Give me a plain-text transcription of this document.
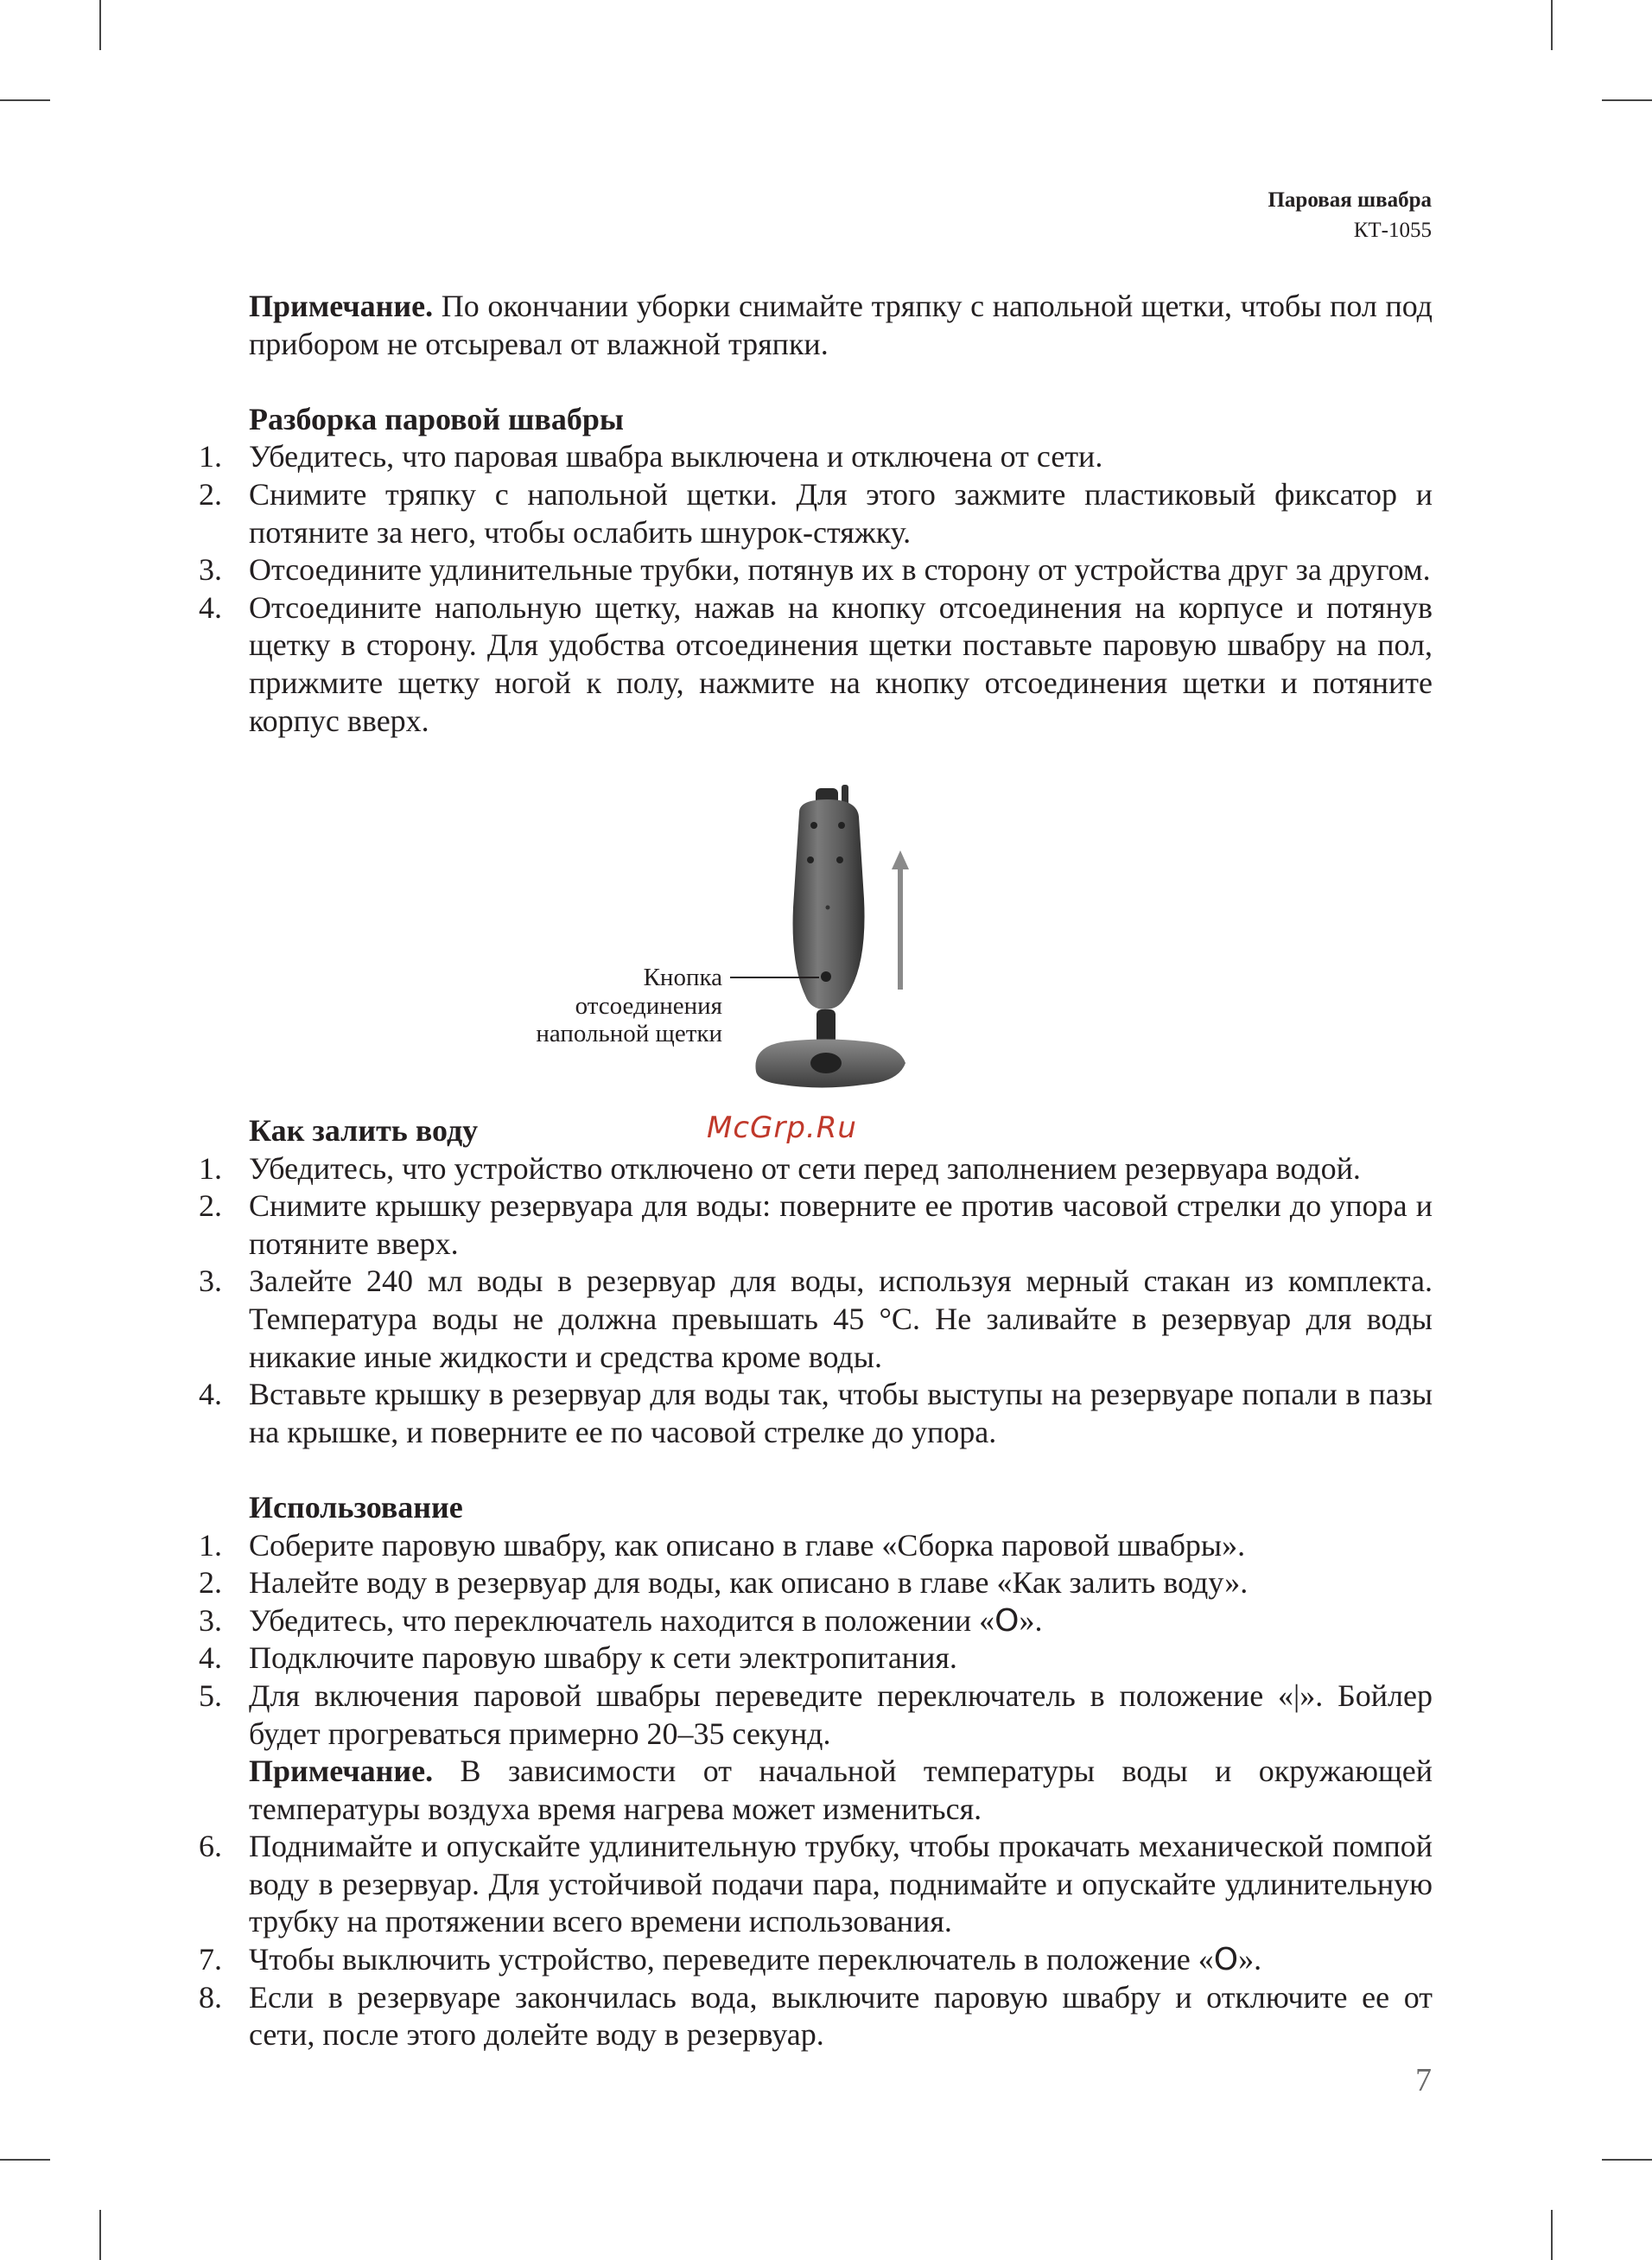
Паровая швабра
КТ-1055

Примечание. По окончании уборки снимайте тряпку с напольной щетки, чтобы пол под прибором не отсыревал от влажной тряпки.

Разборка паровой швабры

1. Убедитесь, что паровая швабра выключена и отключена от сети.
2. Снимите тряпку с напольной щетки. Для этого зажмите пластиковый фиксатор и потяните за него, чтобы ослабить шнурок-стяжку.
3. Отсоедините удлинительные трубки, потянув их в сторону от устройства друг за другом.
4. Отсоедините напольную щетку, нажав на кнопку отсоединения на корпусе и потянув щетку в сторону. Для удобства отсоединения щетки поставьте паровую швабру на пол, прижмите щетку ногой к полу, нажмите на кнопку отсоединения щетки и потяните корпус вверх.
Кнопка
отсоединения
напольной щетки
McGrp.Ru

Как залить воду

1. Убедитесь, что устройство отключено от сети перед заполнением резервуара водой.
2. Снимите крышку резервуара для воды: поверните ее против часовой стрелки до упора и потяните вверх.
3. Залейте 240 мл воды в резервуар для воды, используя мерный стакан из комплекта. Температура воды не должна превышать 45 °С. Не заливайте в резервуар для воды никакие иные жидкости и средства кроме воды.
4. Вставьте крышку в резервуар для воды так, чтобы выступы на резервуаре попали в пазы на крышке, и поверните ее по часовой стрелке до упора.

Использование

1. Соберите паровую швабру, как описано в главе «Сборка паровой швабры».
2. Налейте воду в резервуар для воды, как описано в главе «Как залить воду».
3. Убедитесь, что переключатель находится в положении «O».
4. Подключите паровую швабру к сети электропитания.
5. Для включения паровой швабры переведите переключатель в положение «|». Бойлер будет прогреваться примерно 20–35 секунд.
Примечание. В зависимости от начальной температуры воды и окружающей температуры воздуха время нагрева может измениться.
6. Поднимайте и опускайте удлинительную трубку, чтобы прокачать механической помпой воду в резервуар. Для устойчивой подачи пара, поднимайте и опускайте удлинительную трубку на протяжении всего времени использования.
7. Чтобы выключить устройство, переведите переключатель в положение «O».
8. Если в резервуаре закончилась вода, выключите паровую швабру и отключите ее от сети, после этого долейте воду в резервуар.
7
